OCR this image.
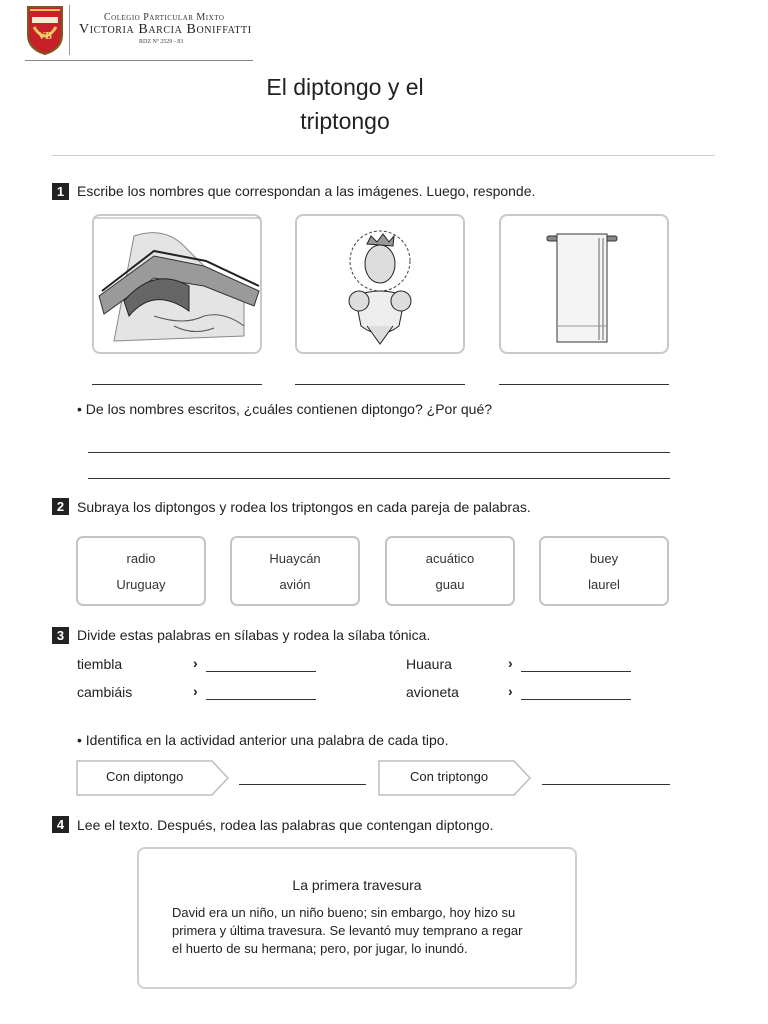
VB
Colegio Particular Mixto
Victoria Barcia Boniffatti
RDZ Nº 2529 - 83
El diptongo y el
triptongo
1 Escribe los nombres que correspondan a las imágenes. Luego, responde.
• De los nombres escritos, ¿cuáles contienen diptongo? ¿Por qué?
2 Subraya los diptongos y rodea los triptongos en cada pareja de palabras.
radio
Uruguay
Huaycán
avión
acuático
guau
buey
laurel
3 Divide estas palabras en sílabas y rodea la sílaba tónica.
tiembla	›	Huaura	›
cambiáis	›	avioneta	›
• Identifica en la actividad anterior una palabra de cada tipo.
Con diptongo	Con triptongo
4 Lee el texto. Después, rodea las palabras que contengan diptongo.
La primera travesura
David era un niño, un niño bueno; sin embargo, hoy hizo su
primera y última travesura. Se levantó muy temprano a regar
el huerto de su hermana; pero, por jugar, lo inundó.
